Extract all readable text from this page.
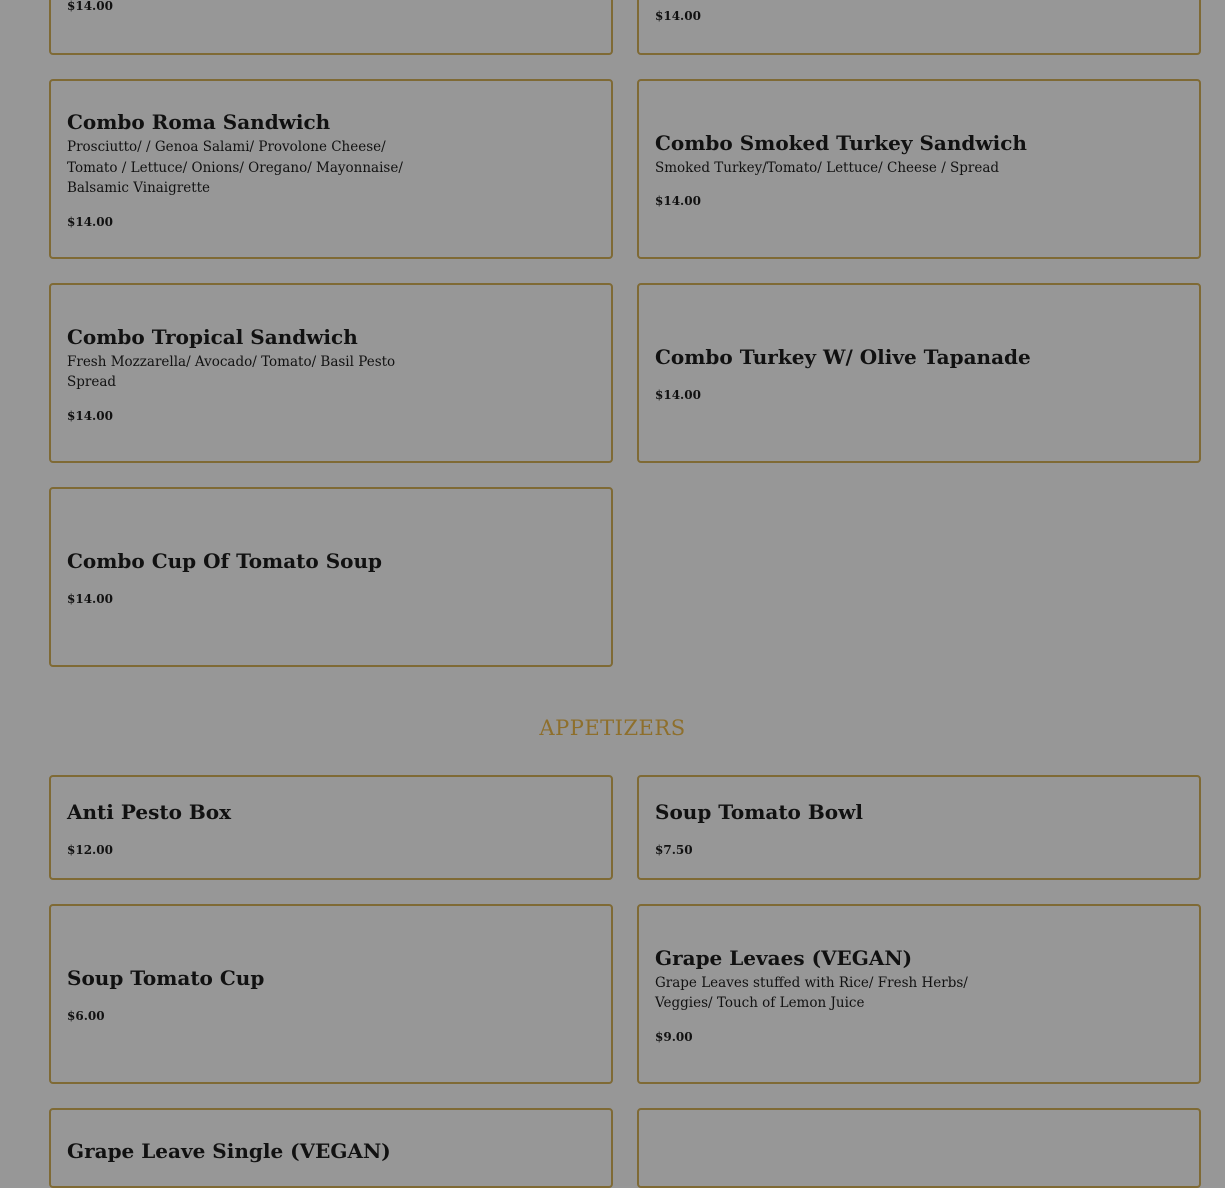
$14.00
$14.00
Combo Roma Sandwich
Prosciutto/ / Genoa Salami/ Provolone Cheese/ Tomato / Lettuce/ Onions/ Oregano/ Mayonnaise/ Balsamic Vinaigrette
$14.00
Combo Smoked Turkey Sandwich
Smoked Turkey/Tomato/ Lettuce/ Cheese / Spread
$14.00
Combo Tropical Sandwich
Fresh Mozzarella/ Avocado/ Tomato/ Basil Pesto Spread
$14.00
Combo Turkey W/ Olive Tapanade
$14.00
Combo Cup Of Tomato Soup
$14.00
APPETIZERS
Anti Pesto Box
$12.00
Soup Tomato Bowl
$7.50
Soup Tomato Cup
$6.00
Grape Levaes (VEGAN)
Grape Leaves stuffed with Rice/ Fresh Herbs/ Veggies/ Touch of Lemon Juice
$9.00
Grape Leave Single (VEGAN)
